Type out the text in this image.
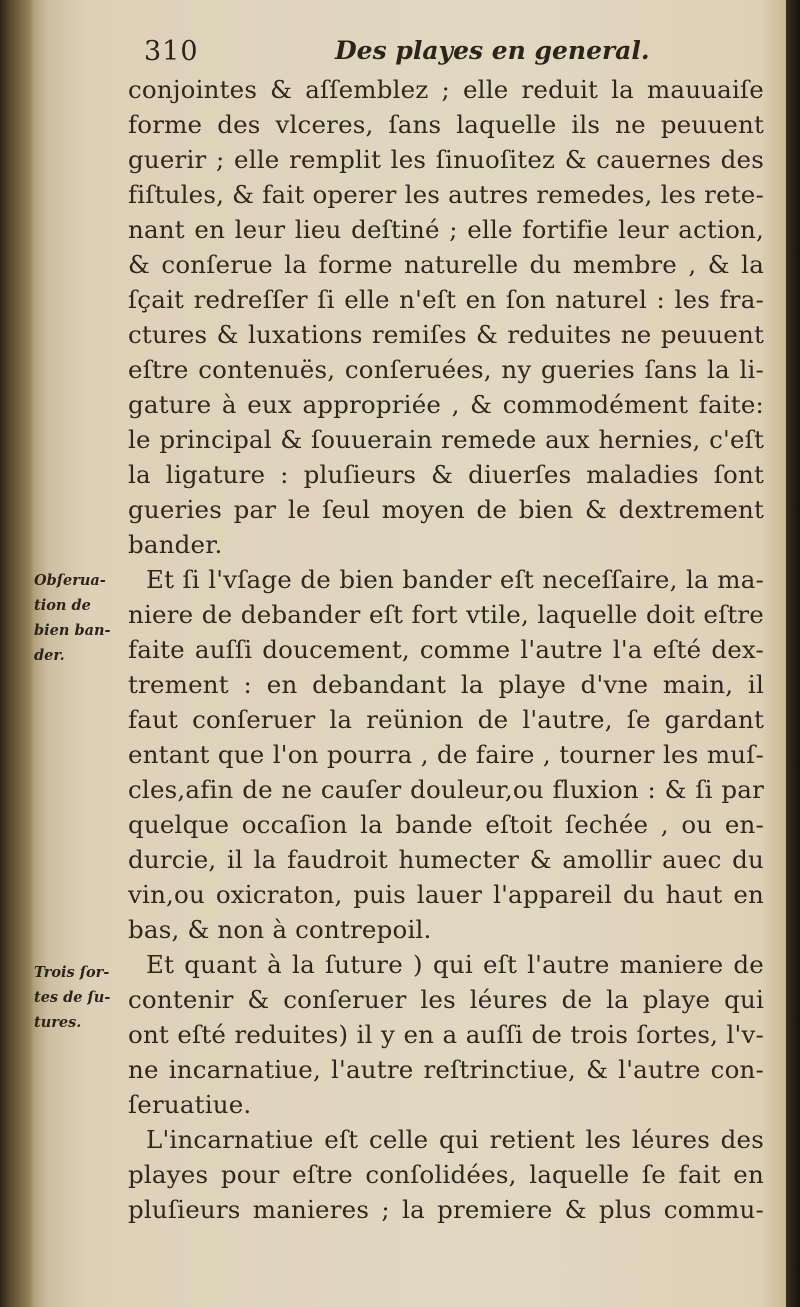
310	Des playes en general.
Obſerua-
tion de
bien ban-
der.
Trois ſor-
tes de ſu-
tures.
conjointes & aſſemblez ; elle reduit la mauuaiſe
forme des vlceres, ſans laquelle ils ne peuuent
guerir ; elle remplit les ſinuoſitez & cauernes des
fiſtules, & fait operer les autres remedes, les rete-
nant en leur lieu deſtiné ; elle fortifie leur action,
& conſerue la forme naturelle du membre , & la
ſçait redreſſer ſi elle n'eſt en ſon naturel : les fra-
ctures & luxations remiſes & reduites ne peuuent
eſtre contenuës, conſeruées, ny gueries ſans la li-
gature à eux appropriée , & commodément faite:
le principal & ſouuerain remede aux hernies, c'eſt
la ligature : pluſieurs & diuerſes maladies ſont
gueries par le ſeul moyen de bien & dextrement
bander.
Et ſi l'vſage de bien bander eſt neceſſaire, la ma-
niere de debander eſt fort vtile, laquelle doit eſtre
faite auſſi doucement, comme l'autre l'a eſté dex-
trement : en debandant la playe d'vne main, il
faut conſeruer la reünion de l'autre, ſe gardant
entant que l'on pourra , de faire , tourner les muſ-
cles,afin de ne cauſer douleur,ou fluxion : & ſi par
quelque occaſion la bande eſtoit ſechée , ou en-
durcie, il la faudroit humecter & amollir auec du
vin,ou oxicraton, puis lauer l'appareil du haut en
bas, & non à contrepoil.
Et quant à la ſuture ) qui eſt l'autre maniere de
contenir & conſeruer les léures de la playe qui
ont eſté reduites) il y en a auſſi de trois ſortes, l'v-
ne incarnatiue, l'autre reſtrinctiue, & l'autre con-
ſeruatiue.
L'incarnatiue eſt celle qui retient les léures des
playes pour eſtre conſolidées, laquelle ſe fait en
pluſieurs manieres ; la premiere & plus commu-
